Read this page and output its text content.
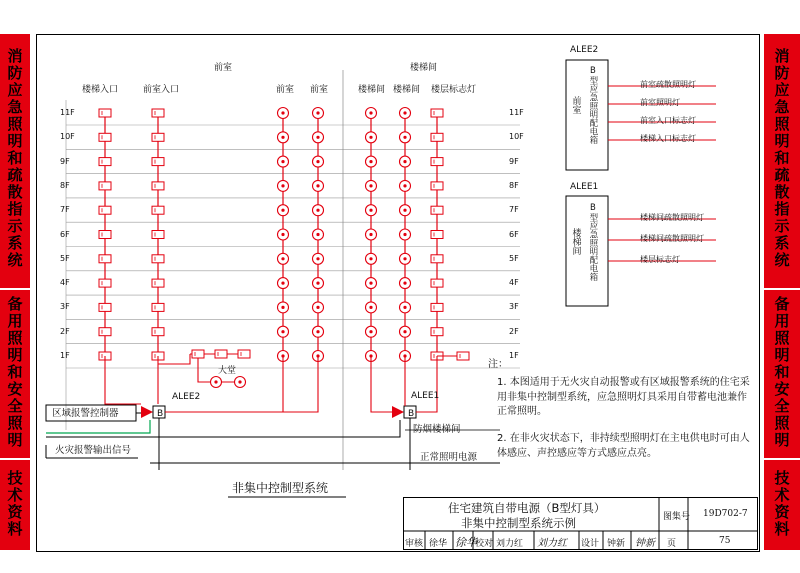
消防应急照明和疏散指示系统
备用照明和安全照明
技术资料
消防应急照明和疏散指示系统
备用照明和安全照明
技术资料
前室	楼梯间
楼梯入口	前室入口	前室 前室	楼梯间 楼梯间 楼层标志灯
11F	11F
10F	10F
9F	9F
8F	8F
7F	7F
6F	6F
5F	5F
4F	4F
3F	3F
2F	2F
1F	1F
大堂
ALEE2	ALEE1
区域报警控制器
火灾报警输出信号
防烟楼梯间
正常照明电源
B	B
ALEE2
前室 B型应急照明配电箱	前室疏散照明灯
前室照明灯
前室入口标志灯
楼梯入口标志灯
ALEE1
楼梯间 B型应急照明配电箱	楼梯间疏散照明灯
楼梯间疏散照明灯
楼层标志灯
注：
1. 本图适用于无火灾自动报警或有区域报警系统的住宅采用非集中控制型系统，应急照明灯具采用自带蓄电池兼作正常照明。
2. 在非火灾状态下，非持续型照明灯在主电供电时可由人体感应、声控感应等方式感应点亮。
非集中控制型系统
住宅建筑自带电源（B型灯具）
非集中控制型系统示例	图集号 19D702-7
审核 徐华 徐华
校对 刘力红 刘力红 设计 钟新 钟新 页	75
